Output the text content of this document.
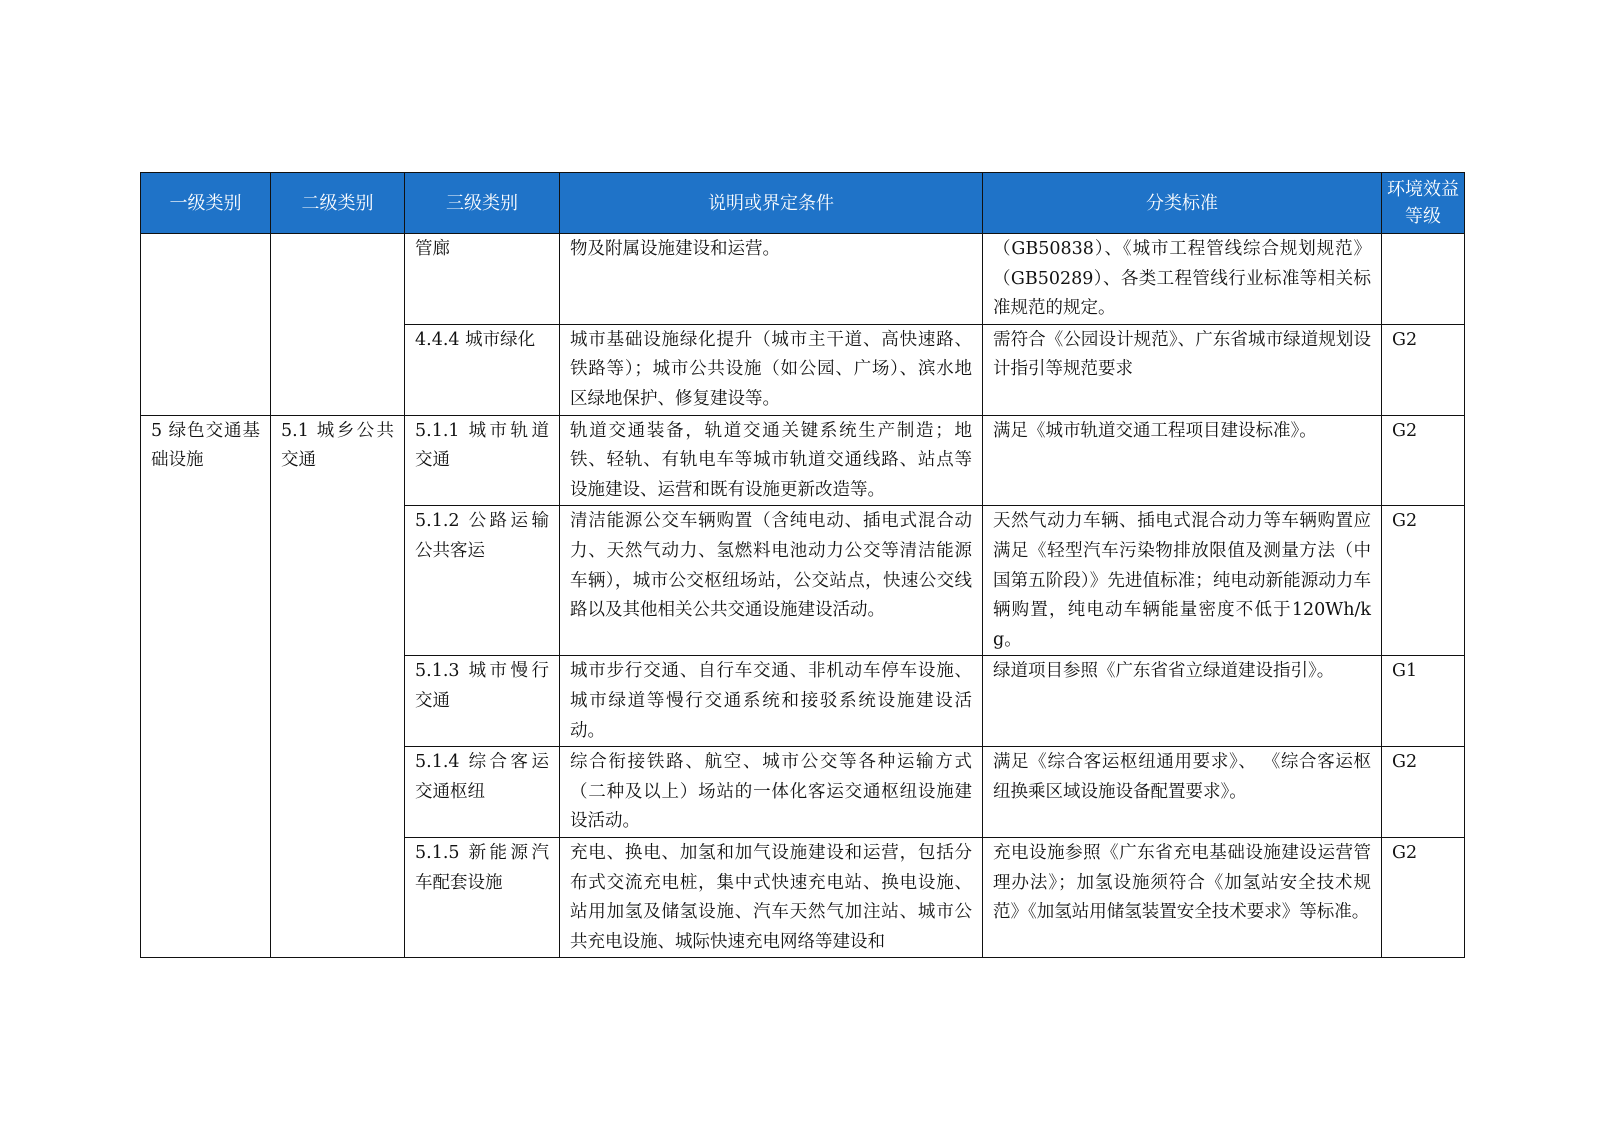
一级类别	二级类别	三级类别	说明或界定条件	分类标准	环境效益等级
		管廊	物及附属设施建设和运营。	（GB50838）、《城市工程管线综合规划规范》（GB50289）、各类工程管线行业标准等相关标准规范的规定。	
		4.4.4 城市绿化	城市基础设施绿化提升（城市主干道、高快速路、铁路等）；城市公共设施（如公园、广场）、滨水地区绿地保护、修复建设等。	需符合《公园设计规范》、广东省城市绿道规划设计指引等规范要求	G2
5 绿色交通基础设施	5.1 城乡公共交通	5.1.1 城市轨道交通	轨道交通装备，轨道交通关键系统生产制造；地铁、轻轨、有轨电车等城市轨道交通线路、站点等设施建设、运营和既有设施更新改造等。	满足《城市轨道交通工程项目建设标准》。	G2
		5.1.2 公路运输公共客运	清洁能源公交车辆购置（含纯电动、插电式混合动力、天然气动力、氢燃料电池动力公交等清洁能源车辆），城市公交枢纽场站，公交站点，快速公交线路以及其他相关公共交通设施建设活动。	天然气动力车辆、插电式混合动力等车辆购置应满足《轻型汽车污染物排放限值及测量方法（中国第五阶段）》先进值标准；纯电动新能源动力车辆购置，纯电动车辆能量密度不低于120Wh/kg。	G2
		5.1.3 城市慢行交通	城市步行交通、自行车交通、非机动车停车设施、城市绿道等慢行交通系统和接驳系统设施建设活动。	绿道项目参照《广东省省立绿道建设指引》。	G1
		5.1.4 综合客运交通枢纽	综合衔接铁路、航空、城市公交等各种运输方式（二种及以上）场站的一体化客运交通枢纽设施建设活动。	满足《综合客运枢纽通用要求》、 《综合客运枢纽换乘区域设施设备配置要求》。	G2
		5.1.5 新能源汽车配套设施	充电、换电、加氢和加气设施建设和运营，包括分布式交流充电桩，集中式快速充电站、换电设施、站用加氢及储氢设施、汽车天然气加注站、城市公共充电设施、城际快速充电网络等建设和	充电设施参照《广东省充电基础设施建设运营管理办法》；加氢设施须符合《加氢站安全技术规范》《加氢站用储氢装置安全技术要求》等标准。	G2
